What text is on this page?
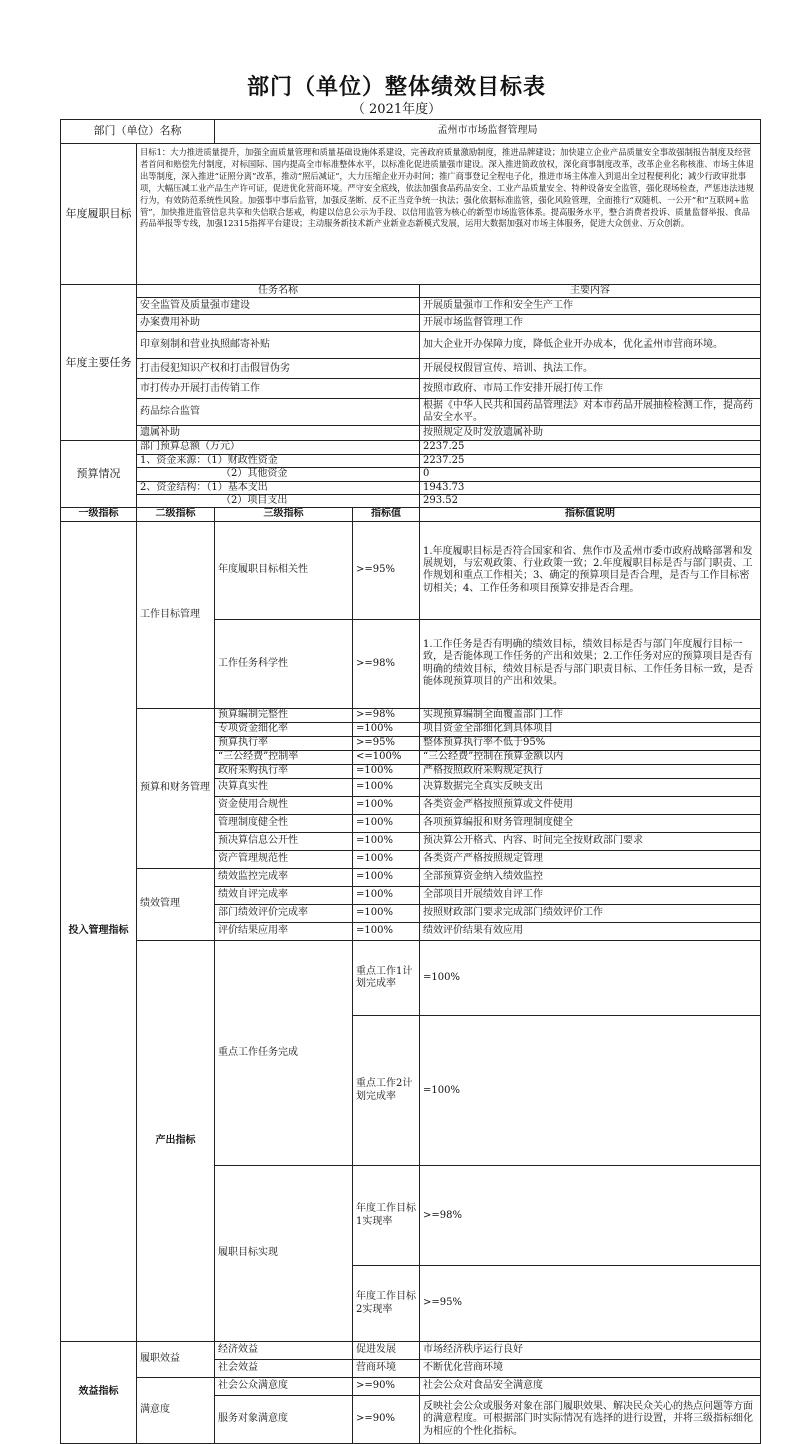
部门（单位）整体绩效目标表
（ 2021年度）
部门（单位）名称		孟州市市场监督管理局			
年度履职目标	目标1：大力推进质量提升，加强全面质量管理和质量基础设施体系建设，完善政府质量激励制度，推进品牌建设；加快建立企业产品质量安全事故强制报告制度及经营者首问和赔偿先付制度，对标国际、国内提高全市标准整体水平，以标准化促进质量强市建设。深入推进简政放权，深化商事制度改革，改革企业名称核准、市场主体退出等制度，深入推进“证照分离”改革，推动“照后减证”，大力压缩企业开办时间；推广商事登记全程电子化，推进市场主体准入到退出全过程便利化；减少行政审批事项，大幅压减工业产品生产许可证，促进优化营商环境。严守安全底线，依法加强食品药品安全、工业产品质量安全、特种设备安全监管，强化现场检查，严惩违法违规行为，有效防范系统性风险。加强事中事后监管，加强反垄断、反不正当竞争统一执法；强化依据标准监管，强化风险管理，全面推行“双随机、一公开”和“互联网+监管”，加快推进监管信息共享和失信联合惩戒，构建以信息公示为手段、以信用监管为核心的新型市场监管体系。提高服务水平，整合消费者投诉、质量监督举报、食品药品举报等专线，加强12315指挥平台建设；主动服务新技术新产业新业态新模式发展，运用大数据加强对市场主体服务，促进大众创业、万众创新。				
年度主要任务	任务名称			主要内容	
	安全监管及质量强市建设			开展质量强市工作和安全生产工作	
	办案费用补助			开展市场监督管理工作	
	印章刻制和营业执照邮寄补贴			加大企业开办保障力度，降低企业开办成本，优化孟州市营商环境。	
	打击侵犯知识产权和打击假冒伪劣			开展侵权假冒宣传、培训、执法工作。	
	市打传办开展打击传销工作			按照市政府、市局工作安排开展打传工作	
	药品综合监管			根据《中华人民共和国药品管理法》对本市药品开展抽检检测工作，提高药品安全水平。	
	遗属补助			按照规定及时发放遗属补助	
预算情况	部门预算总额（万元）			2237.25	
	1、资金来源：（1）财政性资金			2237.25	
	（2）其他资金			0	
	2、资金结构：（1）基本支出			1943.73	
	（2）项目支出			293.52	
一级指标	二级指标	三级指标	指标值	指标值说明	
投入管理指标	工作目标管理	年度履职目标相关性	>=95%	1.年度履职目标是否符合国家和省、焦作市及孟州市委市政府战略部署和发展规划，与宏观政策、行业政策一致；2.年度履职目标是否与部门职责、工作规划和重点工作相关；3、确定的预算项目是否合理，是否与工作目标密切相关；4、工作任务和项目预算安排是否合理。	
		工作任务科学性	>=98%	1.工作任务是否有明确的绩效目标，绩效目标是否与部门年度履行目标一致，是否能体现工作任务的产出和效果；2.工作任务对应的预算项目是否有明确的绩效目标，绩效目标是否与部门职责目标、工作任务目标一致，是否能体现预算项目的产出和效果。	
	预算和财务管理	预算编制完整性	>=98%	实现预算编制全面覆盖部门工作	
		专项资金细化率	=100%	项目资金全部细化到具体项目	
		预算执行率	>=95%	整体预算执行率不低于95%	
		“三公经费”控制率	<=100%	“三公经费”控制在预算金额以内	
		政府采购执行率	=100%	严格按照政府采购规定执行	
		决算真实性	=100%	决算数据完全真实反映支出	
		资金使用合规性	=100%	各类资金严格按照预算或文件使用	
		管理制度健全性	=100%	各项预算编报和财务管理制度健全	
		预决算信息公开性	=100%	预决算公开格式、内容、时间完全按财政部门要求	
		资产管理规范性	=100%	各类资产严格按照规定管理	
	绩效管理	绩效监控完成率	=100%	全部预算资金纳入绩效监控	
		绩效自评完成率	=100%	全部项目开展绩效自评工作	
		部门绩效评价完成率	=100%	按照财政部门要求完成部门绩效评价工作	
		评价结果应用率	=100%	绩效评价结果有效应用	
	产出指标	重点工作任务完成	重点工作1计划完成率	=100%	
			重点工作2计划完成率	=100%	
		履职目标实现	年度工作目标1实现率	>=98%	
			年度工作目标2实现率	>=95%	
效益指标	履职效益	经济效益	促进发展	市场经济秩序运行良好	
		社会效益	营商环境	不断优化营商环境	
	满意度	社会公众满意度	>=90%	社会公众对食品安全满意度	
		服务对象满意度	>=90%	反映社会公众或服务对象在部门履职效果、解决民众关心的热点问题等方面的满意程度。可根据部门时实际情况有选择的进行设置，并将三级指标细化为相应的个性化指标。	
